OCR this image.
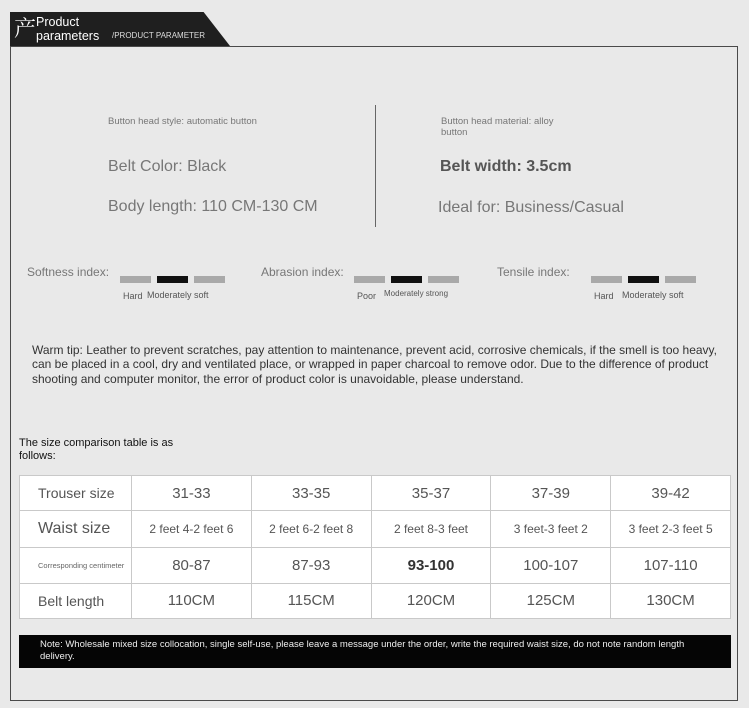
产 Product
parameters /PRODUCT PARAMETER
Button head style: automatic button
Belt Color: Black
Body length: 110 CM-130 CM
Button head material: alloy button
Belt width: 3.5cm
Ideal for: Business/Casual
Softness index:
Hard Moderately soft
Abrasion index:
Poor Moderately strong
Tensile index:
Hard Moderately soft
Warm tip: Leather to prevent scratches, pay attention to maintenance, prevent acid, corrosive chemicals, if the smell is too heavy, can be placed in a cool, dry and ventilated place, or wrapped in paper charcoal to remove odor. Due to the difference of product shooting and computer monitor, the error of product color is unavoidable, please understand.
The size comparison table is as follows:
Trouser size	31-33	33-35	35-37	37-39	39-42
Waist size	2 feet 4-2 feet 6	2 feet 6-2 feet 8	2 feet 8-3 feet	3 feet-3 feet 2	3 feet 2-3 feet 5
Corresponding centimeter	80-87	87-93	93-100	100-107	107-110
Belt length	110CM	115CM	120CM	125CM	130CM
Note: Wholesale mixed size collocation, single self-use, please leave a message under the order, write the required waist size, do not note random length delivery.
